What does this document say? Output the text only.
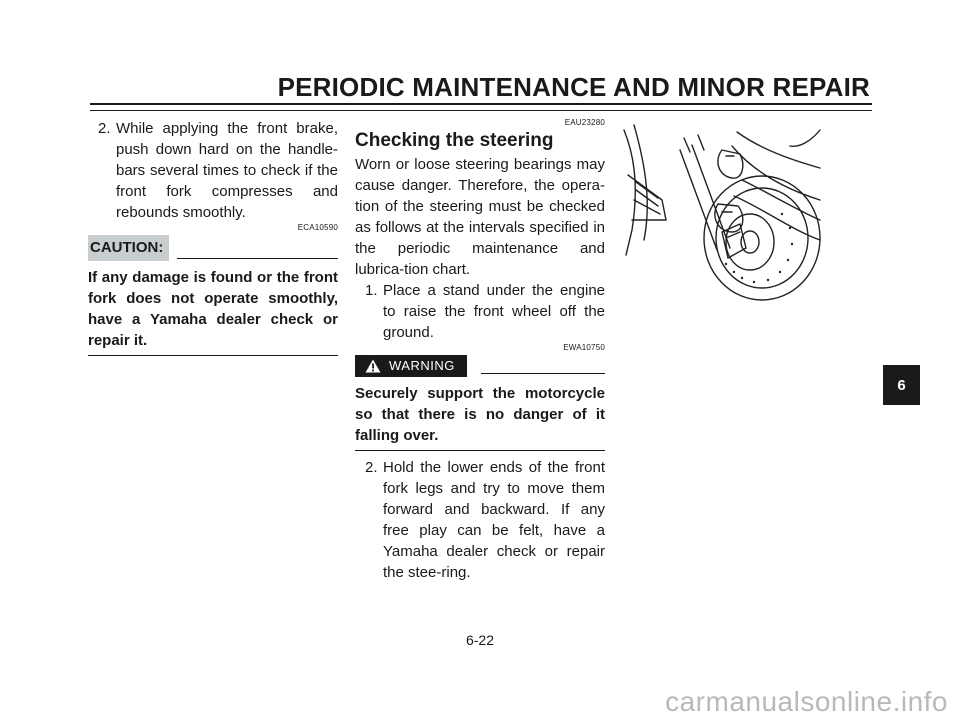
PERIODIC MAINTENANCE AND MINOR REPAIR

2. While applying the front brake, push down hard on the handle-bars several times to check if the front fork compresses and rebounds smoothly.

ECA10590
CAUTION:

If any damage is found or the front fork does not operate smoothly, have a Yamaha dealer check or repair it.

EAU23280
Checking the steering

Worn or loose steering bearings may cause danger. Therefore, the opera-tion of the steering must be checked as follows at the intervals specified in the periodic maintenance and lubrica-tion chart.

1. Place a stand under the engine to raise the front wheel off the ground.

EWA10750
WARNING

Securely support the motorcycle so that there is no danger of it falling over.

2. Hold the lower ends of the front fork legs and try to move them forward and backward. If any free play can be felt, have a Yamaha dealer check or repair the stee-ring.

6
6-22
carmanualsonline.info
